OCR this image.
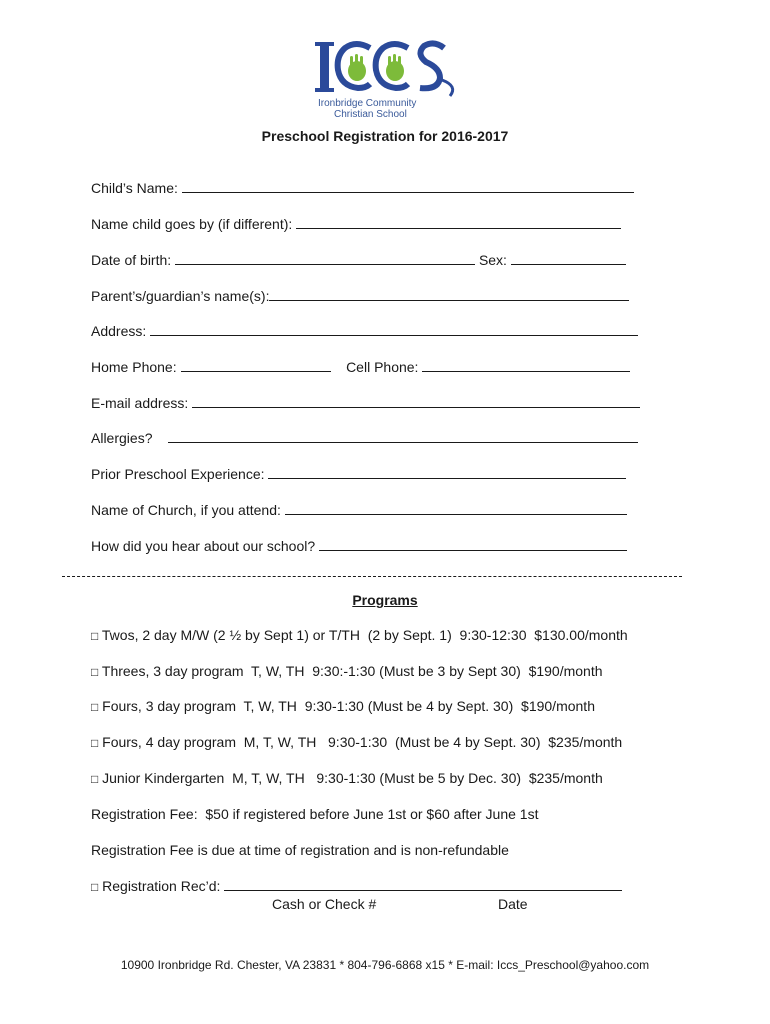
Ironbridge Community
Christian School
Preschool Registration for 2016-2017
Child’s Name:
Name child goes by (if different):
Date of birth:	Sex:
Parent’s/guardian’s name(s):
Address:
Home Phone:	Cell Phone:
E-mail address:
Allergies?
Prior Preschool Experience:
Name of Church, if you attend:
How did you hear about our school?
Programs
□ Twos, 2 day M/W (2 ½ by Sept 1) or T/TH  (2 by Sept. 1)  9:30-12:30  $130.00/month
□ Threes, 3 day program  T, W, TH  9:30:-1:30 (Must be 3 by Sept 30)  $190/month
□ Fours, 3 day program  T, W, TH  9:30-1:30 (Must be 4 by Sept. 30)  $190/month
□ Fours, 4 day program  M, T, W, TH   9:30-1:30  (Must be 4 by Sept. 30)  $235/month
□ Junior Kindergarten  M, T, W, TH   9:30-1:30 (Must be 5 by Dec. 30)  $235/month
Registration Fee:  $50 if registered before June 1st or $60 after June 1st
Registration Fee is due at time of registration and is non-refundable
□ Registration Rec’d:
Cash or Check #	Date
10900 Ironbridge Rd. Chester, VA 23831 * 804-796-6868 x15 * E-mail: Iccs_Preschool@yahoo.com
